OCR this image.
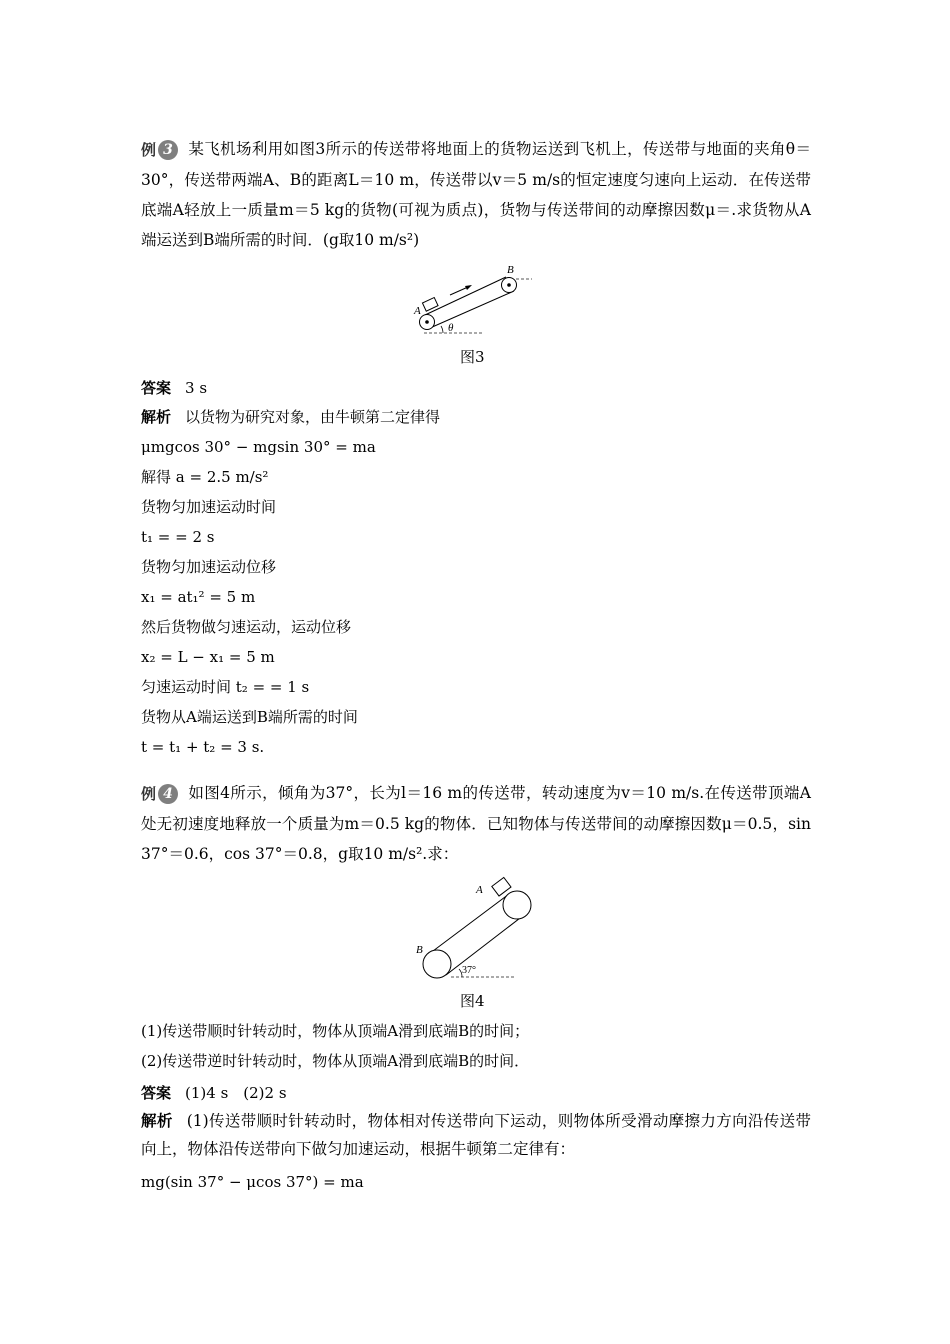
例 3 某飞机场利用如图3所示的传送带将地面上的货物运送到飞机上，传送带与地面的夹角θ＝30°，传送带两端A、B的距离L＝10 m，传送带以v＝5 m/s的恒定速度匀速向上运动．在传送带底端A轻放上一质量m＝5 kg的货物(可视为质点)，货物与传送带间的动摩擦因数μ＝.求货物从A端运送到B端所需的时间．(g取10 m/s²)
A
B
θ
图3
答案 3 s
解析 以货物为研究对象，由牛顿第二定律得
μmgcos 30° − mgsin 30° = ma
解得 a = 2.5 m/s²
货物匀加速运动时间
t₁ = = 2 s
货物匀加速运动位移
x₁ = at₁² = 5 m
然后货物做匀速运动，运动位移
x₂ = L − x₁ = 5 m
匀速运动时间 t₂ = = 1 s
货物从A端运送到B端所需的时间
t = t₁ + t₂ = 3 s.
例 4 如图4所示，倾角为37°，长为l＝16 m的传送带，转动速度为v＝10 m/s.在传送带顶端A处无初速度地释放一个质量为m＝0.5 kg的物体．已知物体与传送带间的动摩擦因数μ＝0.5，sin 37°＝0.6，cos 37°＝0.8，g取10 m/s².求：
A
B
37°
图4
(1)传送带顺时针转动时，物体从顶端A滑到底端B的时间；
(2)传送带逆时针转动时，物体从顶端A滑到底端B的时间．
答案 (1)4 s　(2)2 s
解析 (1)传送带顺时针转动时，物体相对传送带向下运动，则物体所受滑动摩擦力方向沿传送带向上，物体沿传送带向下做匀加速运动，根据牛顿第二定律有：
mg(sin 37° − μcos 37°) = ma
